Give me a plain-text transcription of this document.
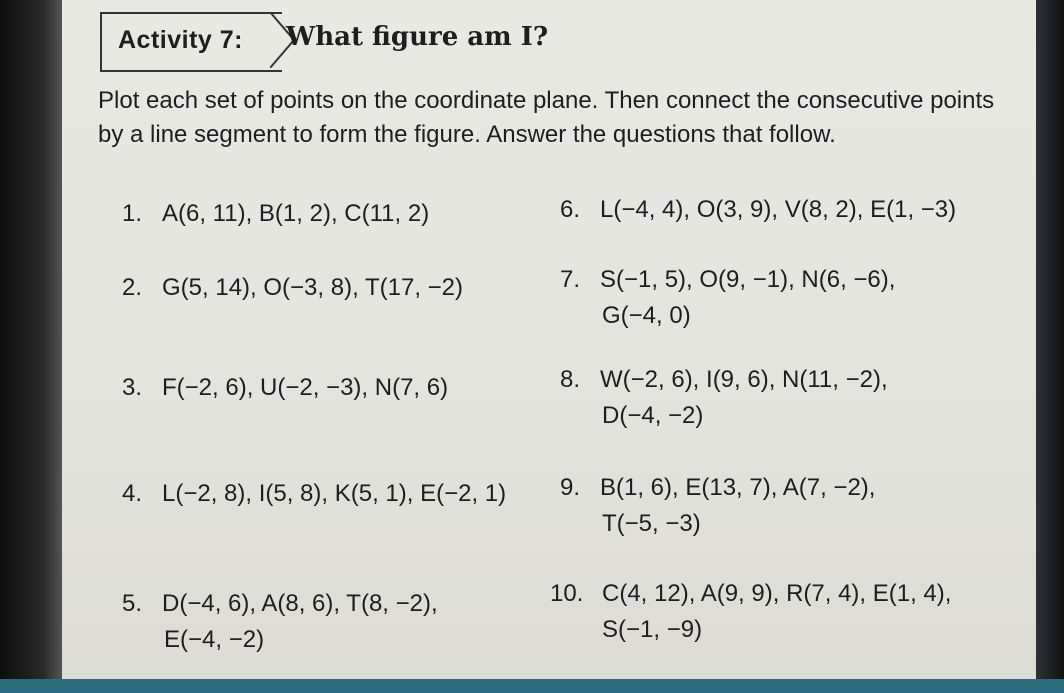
Activity 7: What figure am I?
Plot each set of points on the coordinate plane. Then connect the consecutive points by a line segment to form the figure. Answer the questions that follow.
1. A(6, 11), B(1, 2), C(11, 2)
2. G(5, 14), O(−3, 8), T(17, −2)
3. F(−2, 6), U(−2, −3), N(7, 6)
4. L(−2, 8), I(5, 8), K(5, 1), E(−2, 1)
5. D(−4, 6), A(8, 6), T(8, −2),
E(−4, −2)
6. L(−4, 4), O(3, 9), V(8, 2), E(1, −3)
7. S(−1, 5), O(9, −1), N(6, −6),
G(−4, 0)
8. W(−2, 6), I(9, 6), N(11, −2),
D(−4, −2)
9. B(1, 6), E(13, 7), A(7, −2),
T(−5, −3)
10. C(4, 12), A(9, 9), R(7, 4), E(1, 4),
S(−1, −9)
